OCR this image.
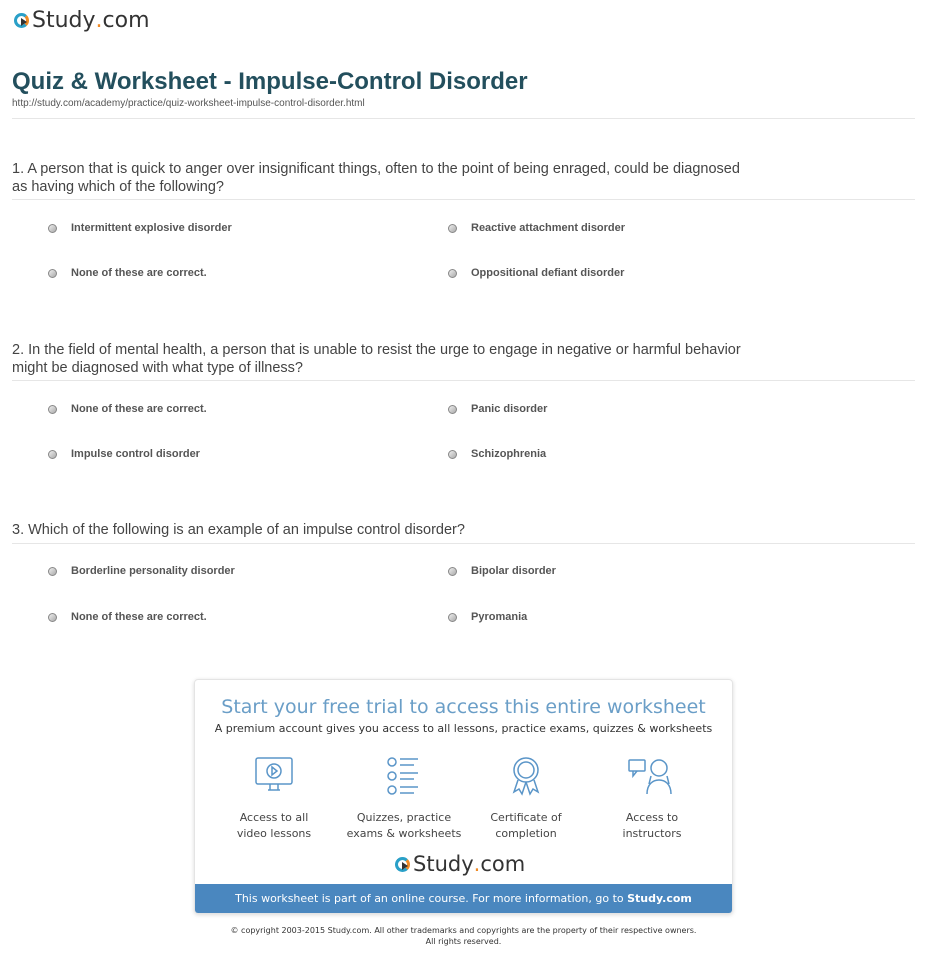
Study . com
Quiz & Worksheet - Impulse-Control Disorder
http://study.com/academy/practice/quiz-worksheet-impulse-control-disorder.html
1. A person that is quick to anger over insignificant things, often to the point of being enraged, could be diagnosed as having which of the following?
Intermittent explosive disorder	Reactive attachment disorder
None of these are correct.	Oppositional defiant disorder
2. In the field of mental health, a person that is unable to resist the urge to engage in negative or harmful behavior might be diagnosed with what type of illness?
None of these are correct.	Panic disorder
Impulse control disorder	Schizophrenia
3. Which of the following is an example of an impulse control disorder?
Borderline personality disorder	Bipolar disorder
None of these are correct.	Pyromania
Start your free trial to access this entire worksheet
A premium account gives you access to all lessons, practice exams, quizzes & worksheets
Access to all
video lessons
Quizzes, practice
exams & worksheets
Certificate of
completion
Access to
instructors
Study . com
This worksheet is part of an online course. For more information, go to Study.com
© copyright 2003-2015 Study.com. All other trademarks and copyrights are the property of their respective owners.
All rights reserved.
